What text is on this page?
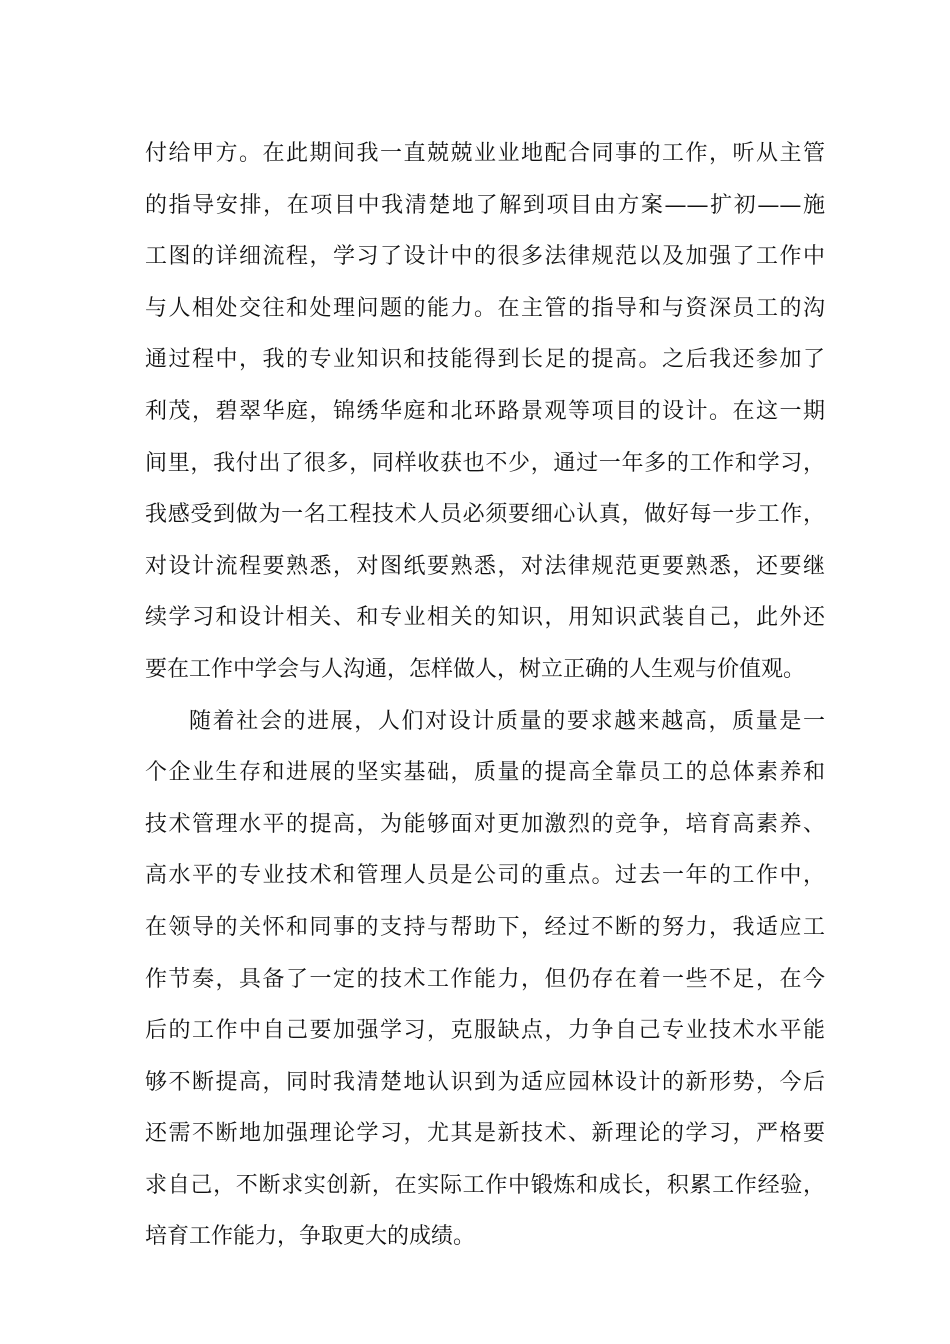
付给甲方。在此期间我一直兢兢业业地配合同事的工作，听从主管
的指导安排，在项目中我清楚地了解到项目由方案——扩初——施
工图的详细流程，学习了设计中的很多法律规范以及加强了工作中
与人相处交往和处理问题的能力。在主管的指导和与资深员工的沟
通过程中，我的专业知识和技能得到长足的提高。之后我还参加了
利茂，碧翠华庭，锦绣华庭和北环路景观等项目的设计。在这一期
间里，我付出了很多，同样收获也不少，通过一年多的工作和学习，
我感受到做为一名工程技术人员必须要细心认真，做好每一步工作，
对设计流程要熟悉，对图纸要熟悉，对法律规范更要熟悉，还要继
续学习和设计相关、和专业相关的知识，用知识武装自己，此外还
要在工作中学会与人沟通，怎样做人，树立正确的人生观与价值观。
随着社会的进展，人们对设计质量的要求越来越高，质量是一
个企业生存和进展的坚实基础，质量的提高全靠员工的总体素养和
技术管理水平的提高，为能够面对更加激烈的竞争，培育高素养、
高水平的专业技术和管理人员是公司的重点。过去一年的工作中，
在领导的关怀和同事的支持与帮助下，经过不断的努力，我适应工
作节奏，具备了一定的技术工作能力，但仍存在着一些不足，在今
后的工作中自己要加强学习，克服缺点，力争自己专业技术水平能
够不断提高，同时我清楚地认识到为适应园林设计的新形势，今后
还需不断地加强理论学习，尤其是新技术、新理论的学习，严格要
求自己，不断求实创新，在实际工作中锻炼和成长，积累工作经验，
培育工作能力，争取更大的成绩。
